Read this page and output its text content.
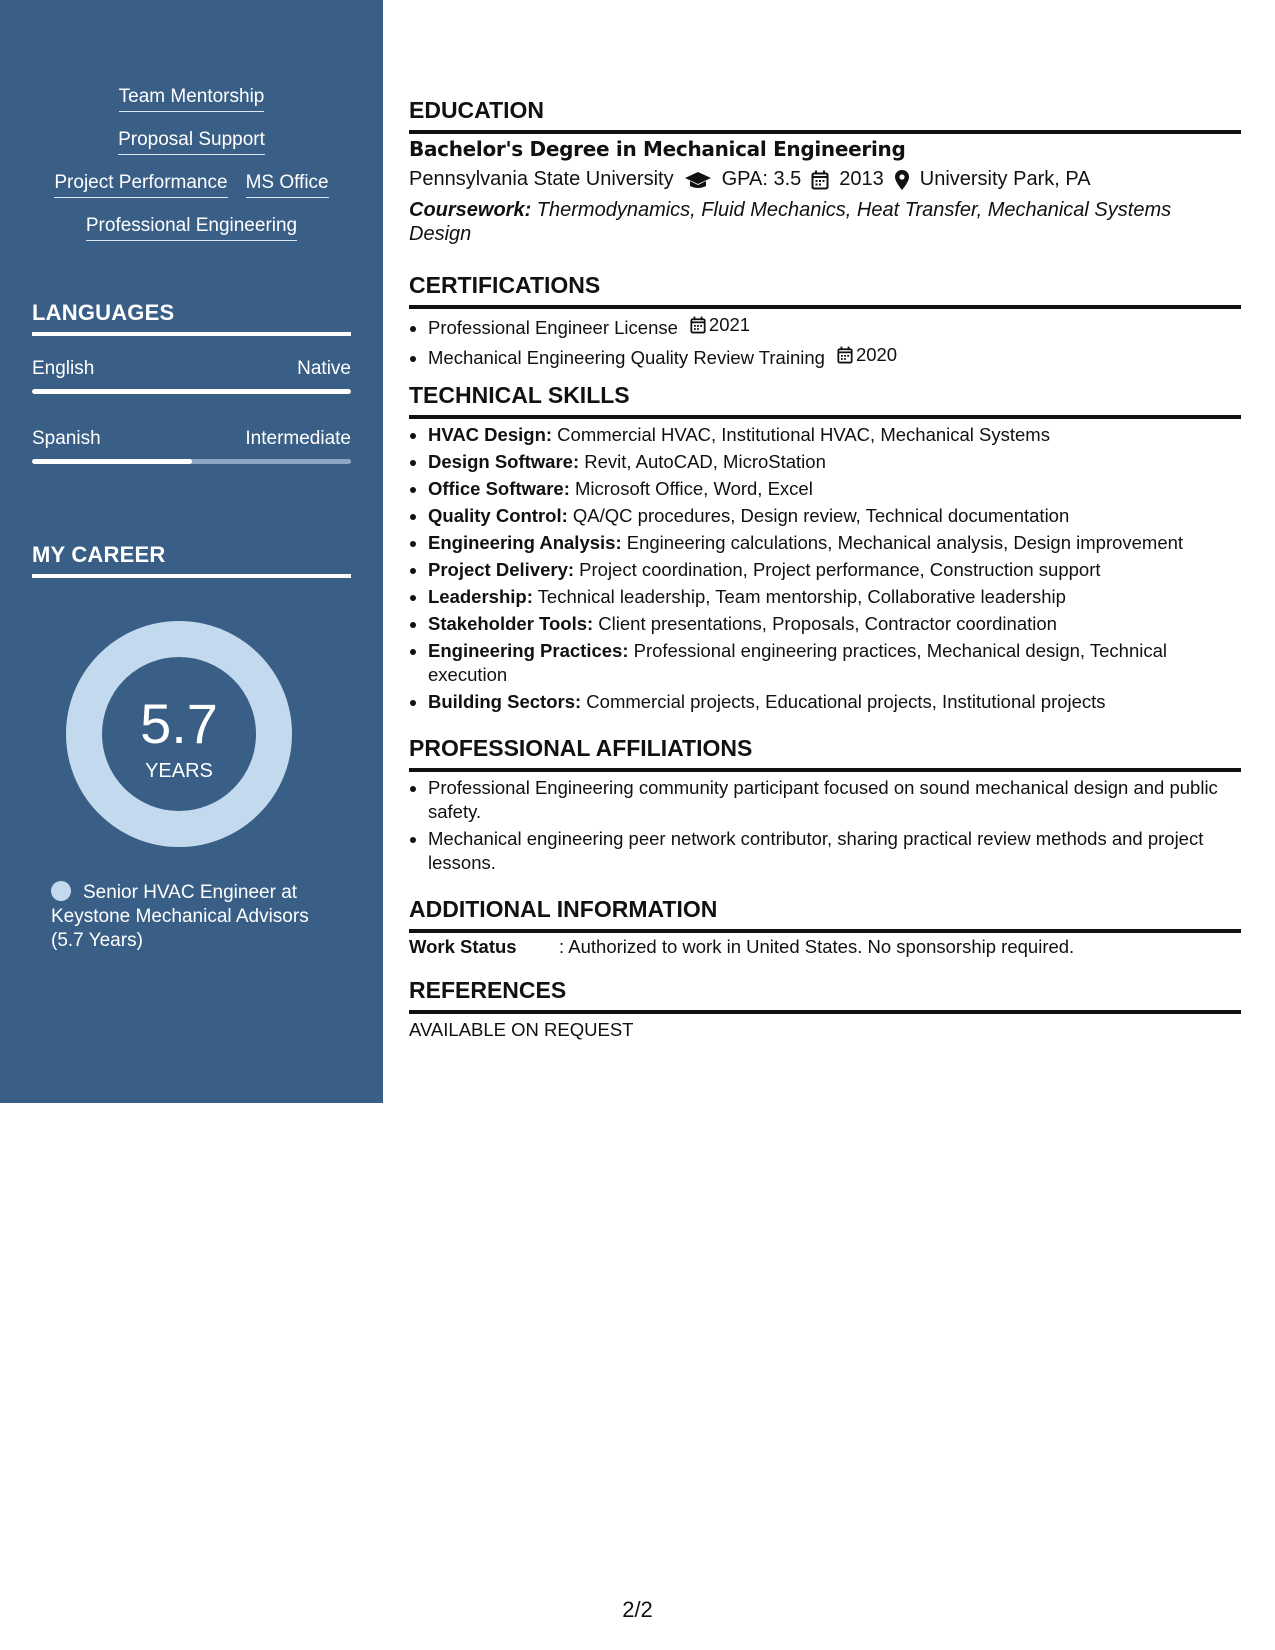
Team Mentorship
Proposal Support
Project Performance MS Office
Professional Engineering
LANGUAGES
English	Native
Spanish	Intermediate
MY CAREER
5.7
YEARS
Senior HVAC Engineer at Keystone Mechanical Advisors (5.7 Years)
EDUCATION
Bachelor's Degree in Mechanical Engineering
Pennsylvania State University GPA: 3.5 2013 University Park, PA
Coursework: Thermodynamics, Fluid Mechanics, Heat Transfer, Mechanical Systems Design
CERTIFICATIONS
• Professional Engineer License 2021
• Mechanical Engineering Quality Review Training 2020
TECHNICAL SKILLS
• HVAC Design: Commercial HVAC, Institutional HVAC, Mechanical Systems
• Design Software: Revit, AutoCAD, MicroStation
• Office Software: Microsoft Office, Word, Excel
• Quality Control: QA/QC procedures, Design review, Technical documentation
• Engineering Analysis: Engineering calculations, Mechanical analysis, Design improvement
• Project Delivery: Project coordination, Project performance, Construction support
• Leadership: Technical leadership, Team mentorship, Collaborative leadership
• Stakeholder Tools: Client presentations, Proposals, Contractor coordination
• Engineering Practices: Professional engineering practices, Mechanical design, Technical execution
• Building Sectors: Commercial projects, Educational projects, Institutional projects
PROFESSIONAL AFFILIATIONS
• Professional Engineering community participant focused on sound mechanical design and public safety.
• Mechanical engineering peer network contributor, sharing practical review methods and project lessons.
ADDITIONAL INFORMATION
Work Status	: Authorized to work in United States. No sponsorship required.
REFERENCES
AVAILABLE ON REQUEST
2/2
